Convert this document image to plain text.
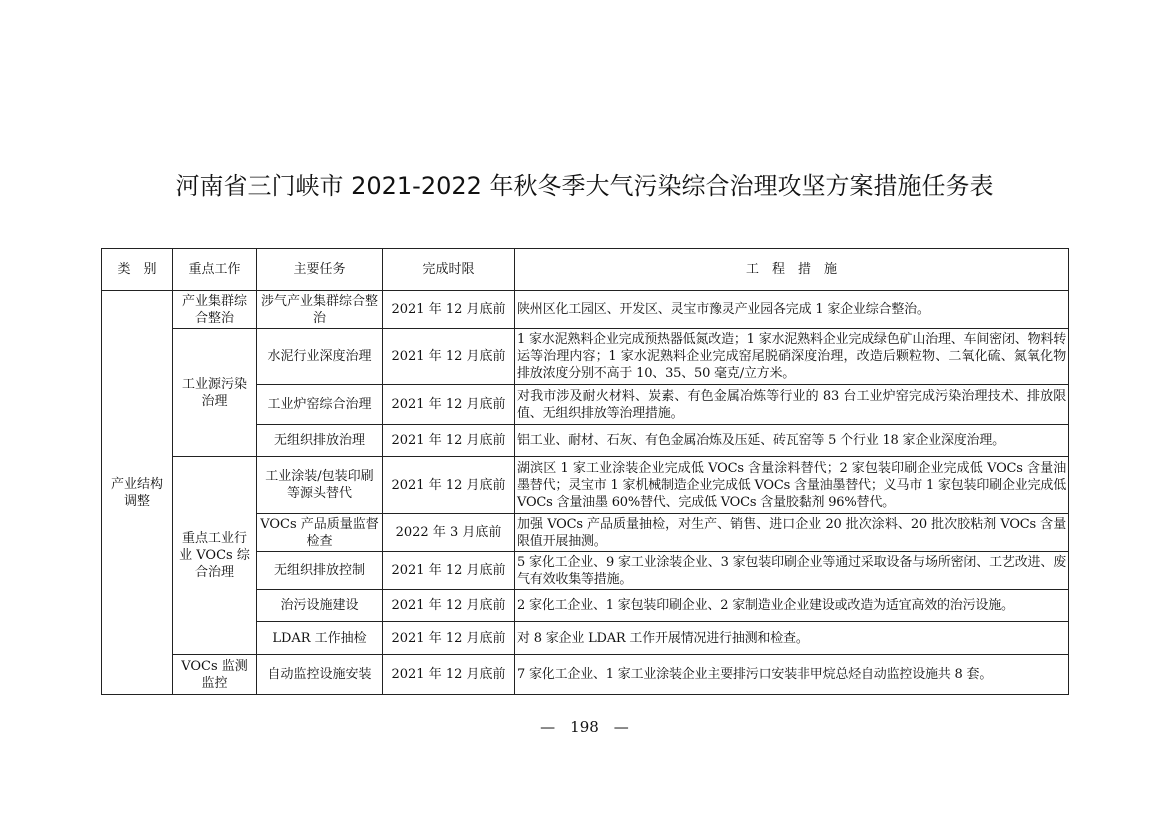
河南省三门峡市 2021-2022 年秋冬季大气污染综合治理攻坚方案措施任务表
类　别	重点工作	主要任务	完成时限	工　程　措　施
产业结构调整	产业集群综合整治	涉气产业集群综合整治	2021 年 12 月底前	陕州区化工园区、开发区、灵宝市豫灵产业园各完成 1 家企业综合整治。
	工业源污染治理	水泥行业深度治理	2021 年 12 月底前	1 家水泥熟料企业完成预热器低氮改造；1 家水泥熟料企业完成绿色矿山治理、车间密闭、物料转运等治理内容；1 家水泥熟料企业完成窑尾脱硝深度治理，改造后颗粒物、二氧化硫、氮氧化物排放浓度分别不高于 10、35、50 毫克/立方米。
		工业炉窑综合治理	2021 年 12 月底前	对我市涉及耐火材料、炭素、有色金属冶炼等行业的 83 台工业炉窑完成污染治理技术、排放限值、无组织排放等治理措施。
		无组织排放治理	2021 年 12 月底前	铝工业、耐材、石灰、有色金属冶炼及压延、砖瓦窑等 5 个行业 18 家企业深度治理。
	重点工业行业 VOCs 综合治理	工业涂装/包装印刷等源头替代	2021 年 12 月底前	湖滨区 1 家工业涂装企业完成低 VOCs 含量涂料替代；2 家包装印刷企业完成低 VOCs 含量油墨替代；灵宝市 1 家机械制造企业完成低 VOCs 含量油墨替代；义马市 1 家包装印刷企业完成低 VOCs 含量油墨 60%替代、完成低 VOCs 含量胶黏剂 96%替代。
		VOCs 产品质量监督检查	2022 年 3 月底前	加强 VOCs 产品质量抽检，对生产、销售、进口企业 20 批次涂料、20 批次胶粘剂 VOCs 含量限值开展抽测。
		无组织排放控制	2021 年 12 月底前	5 家化工企业、9 家工业涂装企业、3 家包装印刷企业等通过采取设备与场所密闭、工艺改进、废气有效收集等措施。
		治污设施建设	2021 年 12 月底前	2 家化工企业、1 家包装印刷企业、2 家制造业企业建设或改造为适宜高效的治污设施。
		LDAR 工作抽检	2021 年 12 月底前	对 8 家企业 LDAR 工作开展情况进行抽测和检查。
	VOCs 监测监控	自动监控设施安装	2021 年 12 月底前	7 家化工企业、1 家工业涂装企业主要排污口安装非甲烷总烃自动监控设施共 8 套。
—　198　—
